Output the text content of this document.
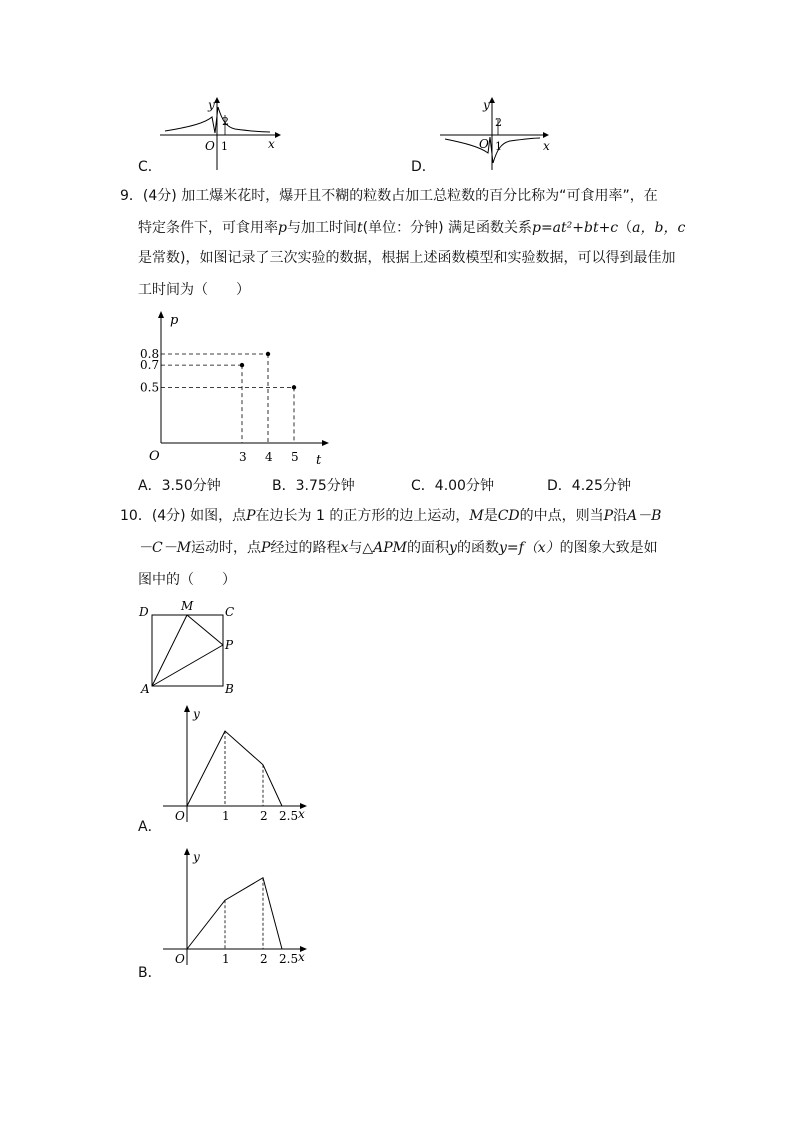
y
2
O 1	x
C．
y
2
O 1	x
D．
9．(4分) 加工爆米花时，爆开且不糊的粒数占加工总粒数的百分比称为“可食用率”，在
特定条件下，可食用率p与加工时间t(单位：分钟) 满足函数关系p=at²+bt+c（a，b，c
是常数)，如图记录了三次实验的数据，根据上述函数模型和实验数据，可以得到最佳加
工时间为（　　）
p
t
O
0.8
0.7
0.5
3 4 5
A．3.50分钟	B．3.75分钟	C．4.00分钟	D．4.25分钟
10．(4分) 如图，点P在边长为 1 的正方形的边上运动，M是CD的中点，则当P沿A－B
－C－M运动时，点P经过的路程x与△APM的面积y的函数y=f（x）的图象大致是如
图中的（　　）
D	M	C
P
A	B
y
x
O	1	2 2.5
A．
y
x
O	1	2 2.5
B．
